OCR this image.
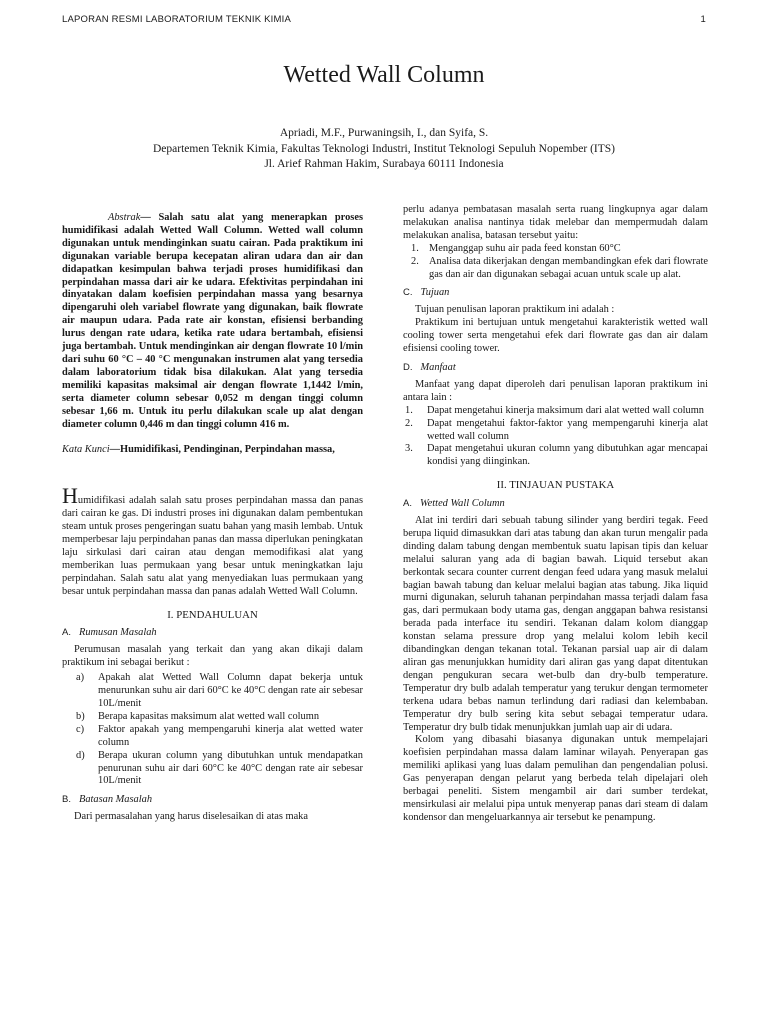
LAPORAN RESMI LABORATORIUM TEKNIK KIMIA	1
Wetted Wall Column
Apriadi, M.F., Purwaningsih, I., dan Syifa, S.
Departemen Teknik Kimia, Fakultas Teknologi Industri, Institut Teknologi Sepuluh Nopember (ITS)
Jl. Arief Rahman Hakim, Surabaya 60111 Indonesia

Abstrak— Salah satu alat yang menerapkan proses humidifikasi adalah Wetted Wall Column. Wetted wall column digunakan untuk mendinginkan suatu cairan. Pada praktikum ini digunakan variable berupa kecepatan aliran udara dan air dan didapatkan kesimpulan bahwa terjadi proses humidifikasi dan perpindahan massa dari air ke udara. Efektivitas perpindahan ini dinyatakan dalam koefisien perpindahan massa yang besarnya dipengaruhi oleh variabel flowrate yang digunakan, baik flowrate air maupun udara. Pada rate air konstan, efisiensi berbanding lurus dengan rate udara, ketika rate udara bertambah, efisiensi juga bertambah. Untuk mendinginkan air dengan flowrate 10 l/min dari suhu 60 °C – 40 °C mengunakan instrumen alat yang tersedia dalam laboratorium tidak bisa dilakukan. Alat yang tersedia memiliki kapasitas maksimal air dengan flowrate 1,1442 l/min, serta diameter column sebesar 0,052 m dengan tinggi column sebesar 1,66 m. Untuk itu perlu dilakukan scale up alat dengan diameter column 0,446 m dan tinggi column 416 m.

Kata Kunci—Humidifikasi, Pendinginan, Perpindahan massa,

Humidifikasi adalah salah satu proses perpindahan massa dan panas dari cairan ke gas. Di industri proses ini digunakan dalam pembentukan steam untuk proses pengeringan suatu bahan yang masih lembab. Untuk memperbesar laju perpindahan panas dan massa diperlukan peningkatan laju sirkulasi dari cairan atau dengan memodifikasi alat yang memberikan luas permukaan yang besar untuk meningkatkan laju perpindahan. Salah satu alat yang menyediakan luas permukaan yang besar untuk perpindahan massa dan panas adalah Wetted Wall Column.

I. PENDAHULUAN
A. Rumusan Masalah

Perumusan masalah yang terkait dan yang akan dikaji dalam praktikum ini sebagai berikut :

a) Apakah alat Wetted Wall Column dapat bekerja untuk menurunkan suhu air dari 60°C ke 40°C dengan rate air sebesar 10L/menit
b) Berapa kapasitas maksimum alat wetted wall column
c) Faktor apakah yang mempengaruhi kinerja alat wetted water column
d) Berapa ukuran column yang dibutuhkan untuk mendapatkan penurunan suhu air dari 60°C ke 40°C dengan rate air sebesar 10L/menit
B. Batasan Masalah

Dari permasalahan yang harus diselesaikan di atas maka

perlu adanya pembatasan masalah serta ruang lingkupnya agar dalam melakukan analisa nantinya tidak melebar dan mempermudah dalam melakukan analisa, batasan tersebut yaitu:

1. Menganggap suhu air pada feed konstan 60°C
2. Analisa data dikerjakan dengan membandingkan efek dari flowrate gas dan air dan digunakan sebagai acuan untuk scale up alat.
C. Tujuan

Tujuan penulisan laporan praktikum ini adalah :

Praktikum ini bertujuan untuk mengetahui karakteristik wetted wall cooling tower serta mengetahui efek dari flowrate gas dan air dalam efisiensi cooling tower.

D. Manfaat

Manfaat yang dapat diperoleh dari penulisan laporan praktikum ini antara lain :

1. Dapat mengetahui kinerja maksimum dari alat wetted wall column
2. Dapat mengetahui faktor-faktor yang mempengaruhi kinerja alat wetted wall column
3. Dapat mengetahui ukuran column yang dibutuhkan agar mencapai kondisi yang diinginkan.
II. TINJAUAN PUSTAKA
A. Wetted Wall Column

Alat ini terdiri dari sebuah tabung silinder yang berdiri tegak. Feed berupa liquid dimasukkan dari atas tabung dan akan turun mengalir pada dinding dalam tabung dengan membentuk suatu lapisan tipis dan keluar melalui saluran yang ada di bagian bawah. Liquid tersebut akan berkontak secara counter current dengan feed udara yang masuk melalui bagian bawah tabung dan keluar melalui bagian atas tabung. Jika liquid murni digunakan, seluruh tahanan perpindahan massa terjadi dalam fasa gas, dari permukaan body utama gas, dengan anggapan bahwa resistansi berada pada interface itu sendiri. Tekanan dalam kolom dianggap konstan selama pressure drop yang melalui kolom lebih kecil dibandingkan dengan tekanan total. Tekanan parsial uap air di dalam aliran gas menunjukkan humidity dari aliran gas yang dapat ditentukan dengan pengukuran secara wet-bulb dan dry-bulb temperature. Temperatur dry bulb adalah temperatur yang terukur dengan termometer terkena udara bebas namun terlindung dari radiasi dan kelembaban. Temperatur dry bulb sering kita sebut sebagai temperatur udara. Temperatur dry bulb tidak menunjukkan jumlah uap air di udara.

Kolom yang dibasahi biasanya digunakan untuk mempelajari koefisien perpindahan massa dalam laminar wilayah. Penyerapan gas memiliki aplikasi yang luas dalam pemulihan dan pengendalian polusi. Gas penyerapan dengan pelarut yang berbeda telah dipelajari oleh berbagai peneliti. Sistem mengambil air dari sumber terdekat, mensirkulasi air melalui pipa untuk menyerap panas dari steam di dalam kondensor dan mengeluarkannya air tersebut ke penampung.
